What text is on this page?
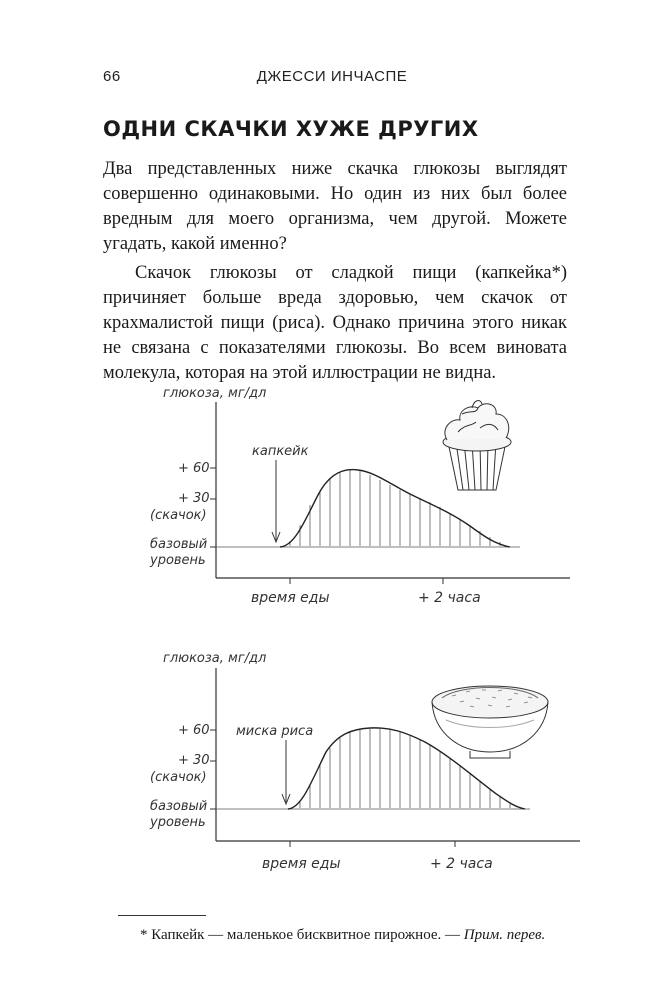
66	ДЖЕССИ ИНЧАСПЕ
ОДНИ СКАЧКИ ХУЖЕ ДРУГИХ

Два представленных ниже скачка глюкозы выглядят совершенно одинаковыми. Но один из них был более вредным для моего организма, чем другой. Можете угадать, какой именно?

Скачок глюкозы от сладкой пищи (капкейка*) причиняет больше вреда здоровью, чем скачок от крахмалистой пищи (риса). Однако причина этого никак не связана с показателями глюкозы. Во всем виновата молекула, которая на этой иллюстрации не видна.

глюкоза, мг/дл
+ 60
+ 30
(скачок)
базовый
уровень
капкейк
время еды	+ 2 часа
глюкоза, мг/дл
+ 60
+ 30
(скачок)
базовый
уровень
миска риса
время еды	+ 2 часа
* Капкейк — маленькое бисквитное пирожное. — Прим. перев.
